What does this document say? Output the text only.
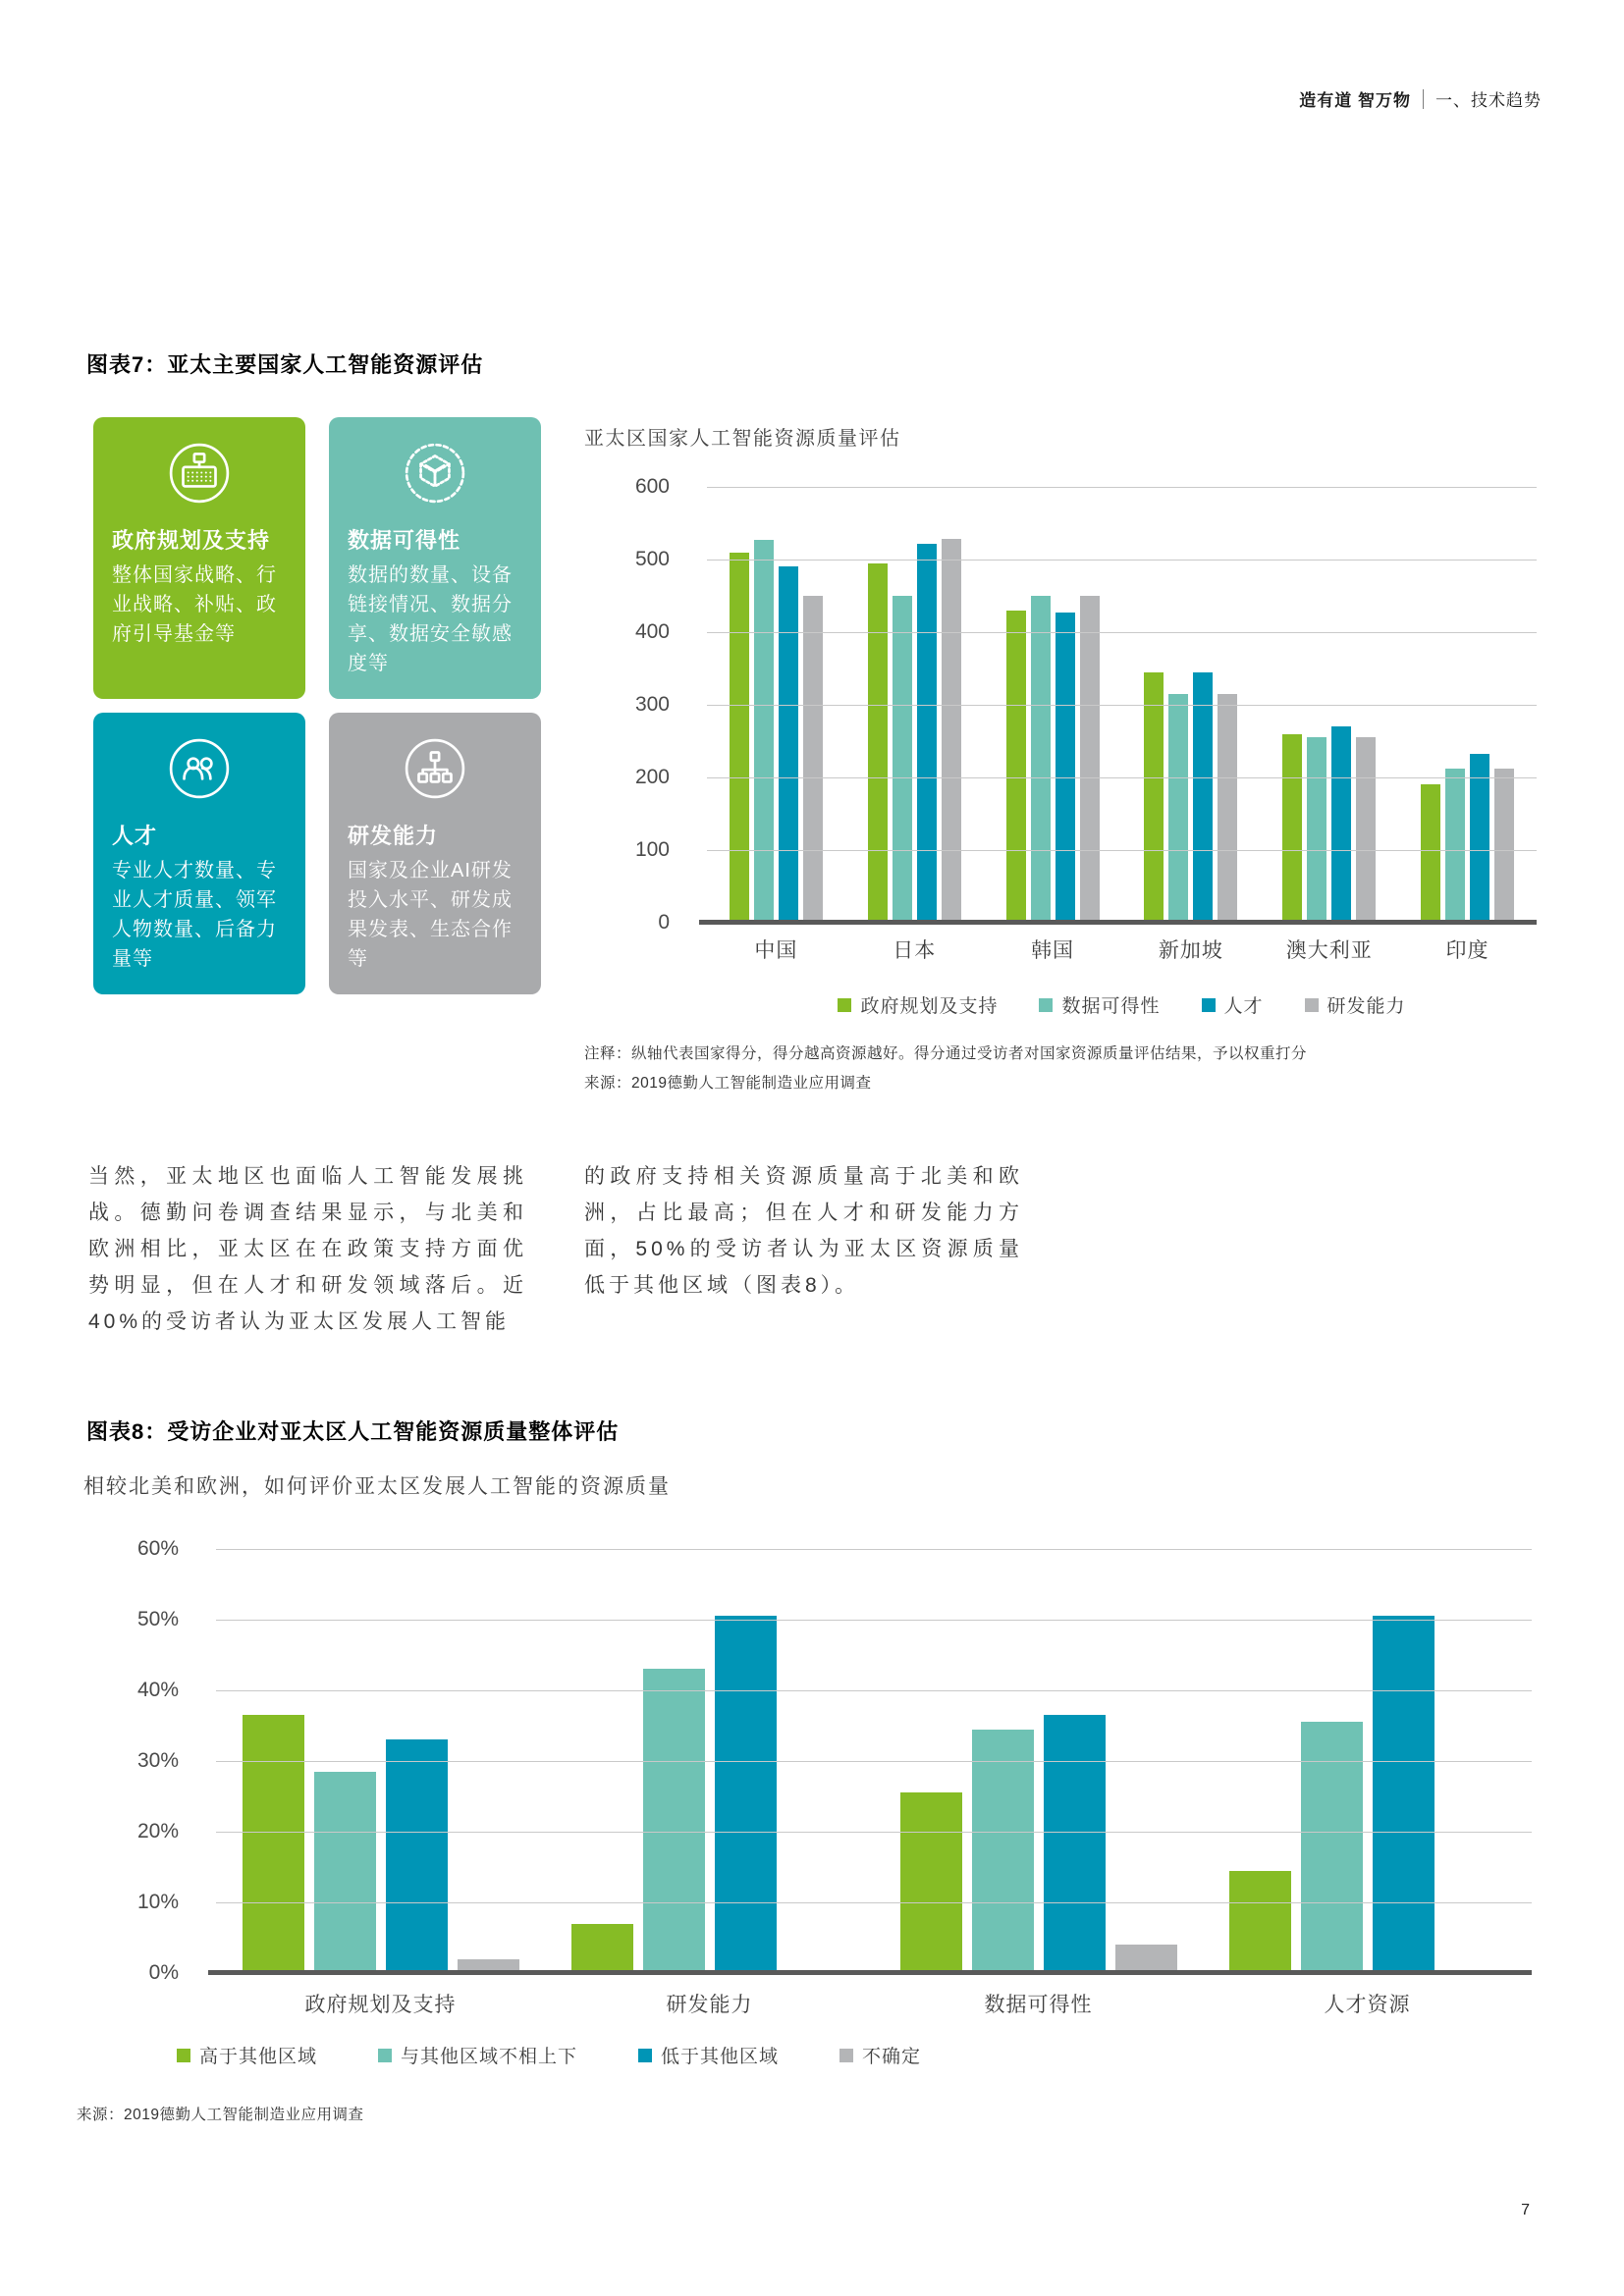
造有道 智万物 一、技术趋势
图表7：亚太主要国家人工智能资源评估
政府规划及支持
整体国家战略、行业战略、补贴、政府引导基金等
数据可得性
数据的数量、设备链接情况、数据分享、数据安全敏感度等
人才
专业人才数量、专业人才质量、领军人物数量、后备力量等
研发能力
国家及企业AI研发投入水平、研发成果发表、生态合作等
亚太区国家人工智能资源质量评估
600
500
400
300
200
100
0
中国	日本	韩国	新加坡	澳大利亚	印度
政府规划及支持	数据可得性	人才	研发能力
注释：纵轴代表国家得分，得分越高资源越好。得分通过受访者对国家资源质量评估结果，予以权重打分
来源：2019德勤人工智能制造业应用调查
当然，亚太地区也面临人工智能发展挑战。德勤问卷调查结果显示，与北美和欧洲相比，亚太区在在政策支持方面优势明显，但在人才和研发领域落后。近40%的受访者认为亚太区发展人工智能
的政府支持相关资源质量高于北美和欧洲，占比最高；但在人才和研发能力方面，50%的受访者认为亚太区资源质量低于其他区域（图表8）。
图表8：受访企业对亚太区人工智能资源质量整体评估
相较北美和欧洲，如何评价亚太区发展人工智能的资源质量
60%
50%
40%
30%
20%
10%
0%
政府规划及支持	研发能力	数据可得性	人才资源
高于其他区域	与其他区域不相上下	低于其他区域	不确定
来源：2019德勤人工智能制造业应用调查
7
